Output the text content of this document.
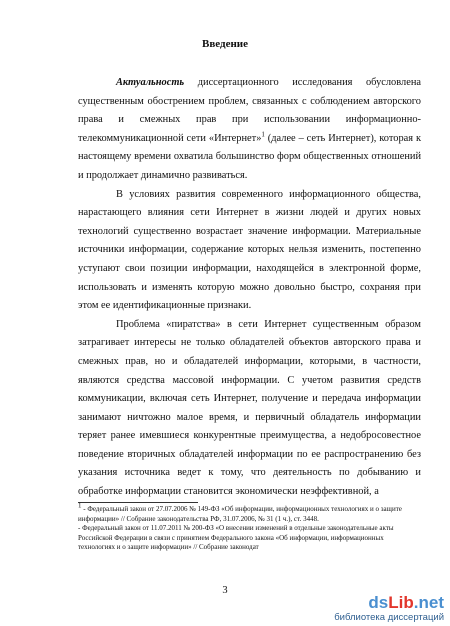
Введение

Актуальность диссертационного исследования обусловлена существенным обострением проблем, связанных с соблюдением авторского права и смежных прав при использовании информационно-телекоммуникационной сети «Интернет»$^1$ (далее – сеть Интернет), которая к настоящему времени охватила большинство форм общественных отношений и продолжает динамично развиваться.

В условиях развития современного информационного общества, нарастающего влияния сети Интернет в жизни людей и других новых технологий существенно возрастает значение информации. Материальные источники информации, содержание которых нельзя изменить, постепенно уступают свои позиции информации, находящейся в электронной форме, использовать и изменять которую можно довольно быстро, сохраняя при этом ее идентификационные признаки.

Проблема «пиратства» в сети Интернет существенным образом затрагивает интересы не только обладателей объектов авторского права и смежных прав, но и обладателей информации, которыми, в частности, являются средства массовой информации. С учетом развития средств коммуникации, включая сеть Интернет, получение и передача информации занимают ничтожно малое время, и первичный обладатель информации теряет ранее имевшиеся конкурентные преимущества, а недобросовестное поведение вторичных обладателей информации по ее распространению без указания источника ведет к тому, что деятельность по добыванию и обработке информации становится экономически неэффективной, а

$^1$ - Федеральный закон от 27.07.2006 № 149-ФЗ «Об информации, информационных технологиях и о защите информации» // Собрание законодательства РФ, 31.07.2006, № 31 (1 ч.), ст. 3448.

- Федеральный закон от 11.07.2011 № 200-ФЗ «О внесении изменений в отдельные законодательные акты Российской Федерации в связи с принятием Федерального закона «Об информации, информационных технологиях и о защите информации» // Собрание законодат

3
dsLib.net
библиотека диссертаций
